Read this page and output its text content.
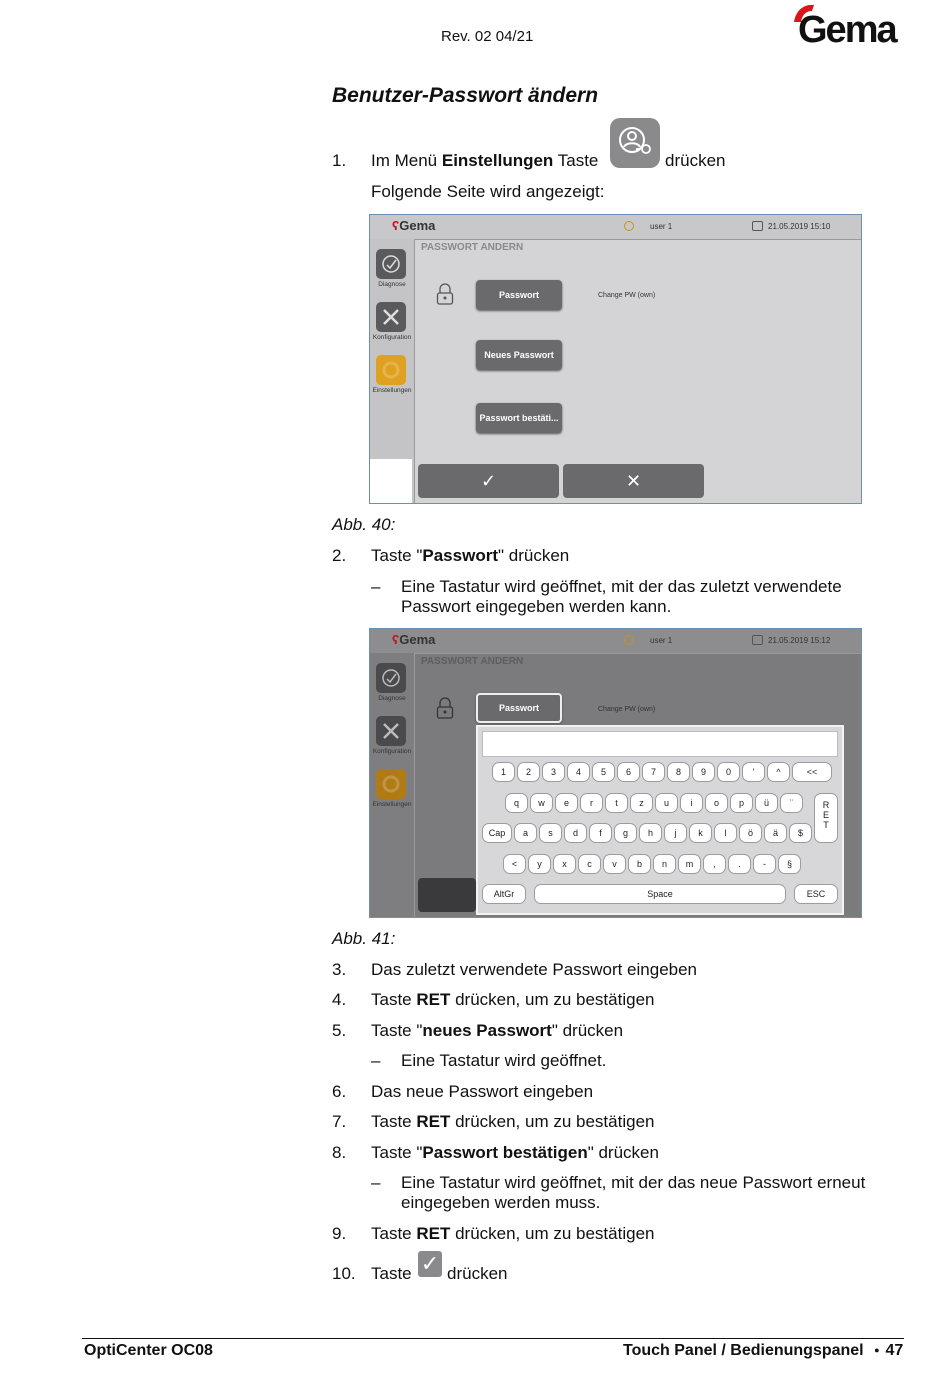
Rev. 02 04/21	Gema
Benutzer-Passwort ändern
1. Im Menü Einstellungen Taste	drücken
Folgende Seite wird angezeigt:
ʕGema	user 1	21.05.2019 15:10
Diagnose
Konfiguration
Einstellungen
PASSWORT ANDERN
Passwort	Change PW (own)
Neues Passwort
Passwort bestäti...
✓	✕
Abb. 40:
2. Taste "Passwort" drücken
– Eine Tastatur wird geöffnet, mit der das zuletzt verwendete
Passwort eingegeben werden kann.
ʕGema	user 1	21.05.2019 15:12
Diagnose
Konfiguration
Einstellungen
PASSWORT ANDERN
Passwort	Change PW (own)
1	2	3	4	5	6	7	8	9	0	'	^	<<
q	w	e	r	t	z	u	i	o	p	ü	¨
Cap	a	s	d	f	g	h	j	k	l	ö	ä	$
<	y	x	c	v	b	n	m	,	.	-	§
R
E
T
AltGr	Space	ESC
Abb. 41:
3. Das zuletzt verwendete Passwort eingeben
4. Taste RET drücken, um zu bestätigen
5. Taste "neues Passwort" drücken
– Eine Tastatur wird geöffnet.
6. Das neue Passwort eingeben
7. Taste RET drücken, um zu bestätigen
8. Taste "Passwort bestätigen" drücken
– Eine Tastatur wird geöffnet, mit der das neue Passwort erneut
eingegeben werden muss.
9. Taste RET drücken, um zu bestätigen
10. Taste ✓ drücken
OptiCenter OC08	Touch Panel / Bedienungspanel ● 47
